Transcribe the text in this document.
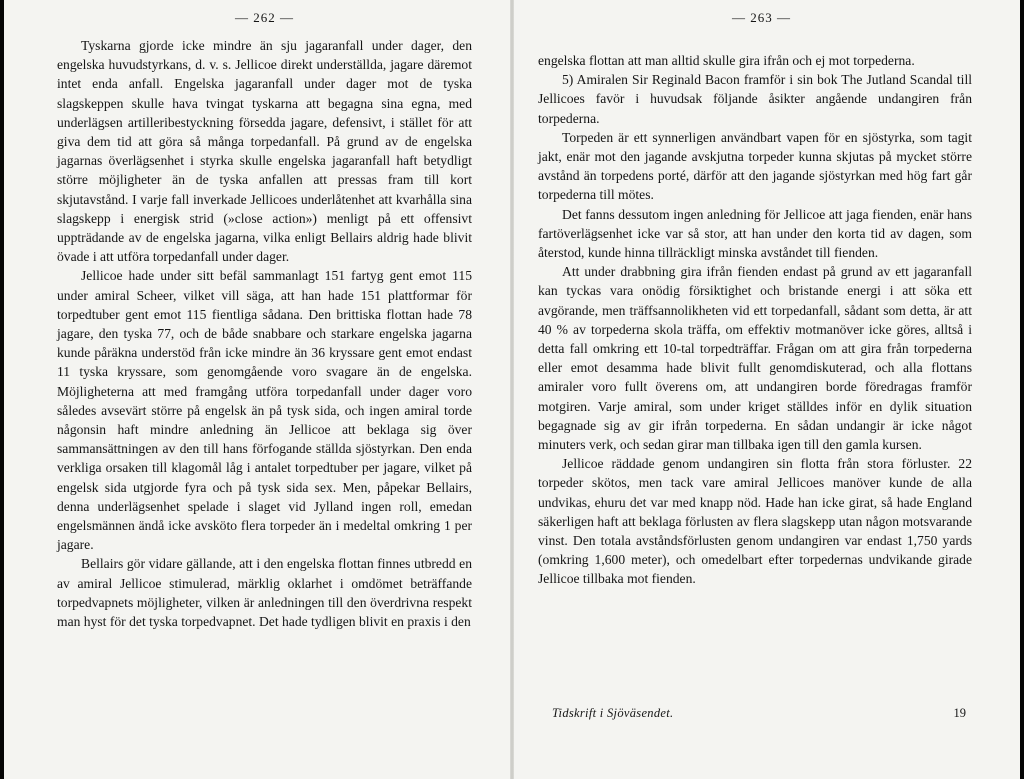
— 262 —

Tyskarna gjorde icke mindre än sju jagaranfall under dager, den engelska huvudstyrkans, d. v. s. Jellicoe direkt underställda, jagare däremot intet enda anfall. Engelska jagaranfall under dager mot de tyska slagskeppen skulle hava tvingat tyskarna att begagna sina egna, med underlägsen artilleribestyckning försedda jagare, defensivt, i stället för att giva dem tid att göra så många torpedanfall. På grund av de engelska jagarnas överlägsenhet i styrka skulle engelska jagaranfall haft betydligt större möjligheter än de tyska anfallen att pressas fram till kort skjutavstånd. I varje fall inverkade Jellicoes underlåtenhet att kvarhålla sina slagskepp i energisk strid (»close action») menligt på ett offensivt uppträdande av de engelska jagarna, vilka enligt Bellairs aldrig hade blivit övade i att utföra torpedanfall under dager.

Jellicoe hade under sitt befäl sammanlagt 151 fartyg gent emot 115 under amiral Scheer, vilket vill säga, att han hade 151 plattformar för torpedtuber gent emot 115 fientliga sådana. Den brittiska flottan hade 78 jagare, den tyska 77, och de både snabbare och starkare engelska jagarna kunde påräkna understöd från icke mindre än 36 kryssare gent emot endast 11 tyska kryssare, som genomgående voro svagare än de engelska. Möjligheterna att med framgång utföra torpedanfall under dager voro således avsevärt större på engelsk än på tysk sida, och ingen amiral torde någonsin haft mindre anledning än Jellicoe att beklaga sig över sammansättningen av den till hans förfogande ställda sjöstyrkan. Den enda verkliga orsaken till klagomål låg i antalet torpedtuber per jagare, vilket på engelsk sida utgjorde fyra och på tysk sida sex. Men, påpekar Bellairs, denna underlägsenhet spelade i slaget vid Jylland ingen roll, emedan engelsmännen ändå icke avsköto flera torpeder än i medeltal omkring 1 per jagare.

Bellairs gör vidare gällande, att i den engelska flottan finnes utbredd en av amiral Jellicoe stimulerad, märklig oklarhet i omdömet beträffande torpedvapnets möjligheter, vilken är anledningen till den överdrivna respekt man hyst för det tyska torpedvapnet. Det hade tydligen blivit en praxis i den

— 263 —

engelska flottan att man alltid skulle gira ifrån och ej mot torpederna.

5) Amiralen Sir Reginald Bacon framför i sin bok The Jutland Scandal till Jellicoes favör i huvudsak följande åsikter angående undangiren från torpederna.

Torpeden är ett synnerligen användbart vapen för en sjöstyrka, som tagit jakt, enär mot den jagande avskjutna torpeder kunna skjutas på mycket större avstånd än torpedens porté, därför att den jagande sjöstyrkan med hög fart går torpederna till mötes.

Det fanns dessutom ingen anledning för Jellicoe att jaga fienden, enär hans fartöverlägsenhet icke var så stor, att han under den korta tid av dagen, som återstod, kunde hinna tillräckligt minska avståndet till fienden.

Att under drabbning gira ifrån fienden endast på grund av ett jagaranfall kan tyckas vara onödig försiktighet och bristande energi i att söka ett avgörande, men träffsannolikheten vid ett torpedanfall, sådant som detta, är att 40 % av torpederna skola träffa, om effektiv motmanöver icke göres, alltså i detta fall omkring ett 10-tal torpedträffar. Frågan om att gira från torpederna eller emot desamma hade blivit fullt genomdiskuterad, och alla flottans amiraler voro fullt överens om, att undangiren borde föredragas framför motgiren. Varje amiral, som under kriget ställdes inför en dylik situation begagnade sig av gir ifrån torpederna. En sådan undangir är icke något minuters verk, och sedan girar man tillbaka igen till den gamla kursen.

Jellicoe räddade genom undangiren sin flotta från stora förluster. 22 torpeder skötos, men tack vare amiral Jellicoes manöver kunde de alla undvikas, ehuru det var med knapp nöd. Hade han icke girat, så hade England säkerligen haft att beklaga förlusten av flera slagskepp utan någon motsvarande vinst. Den totala avståndsförlusten genom undangiren var endast 1,750 yards (omkring 1,600 meter), och omedelbart efter torpedernas undvikande girade Jellicoe tillbaka mot fienden.

Tidskrift i Sjöväsendet.	19
